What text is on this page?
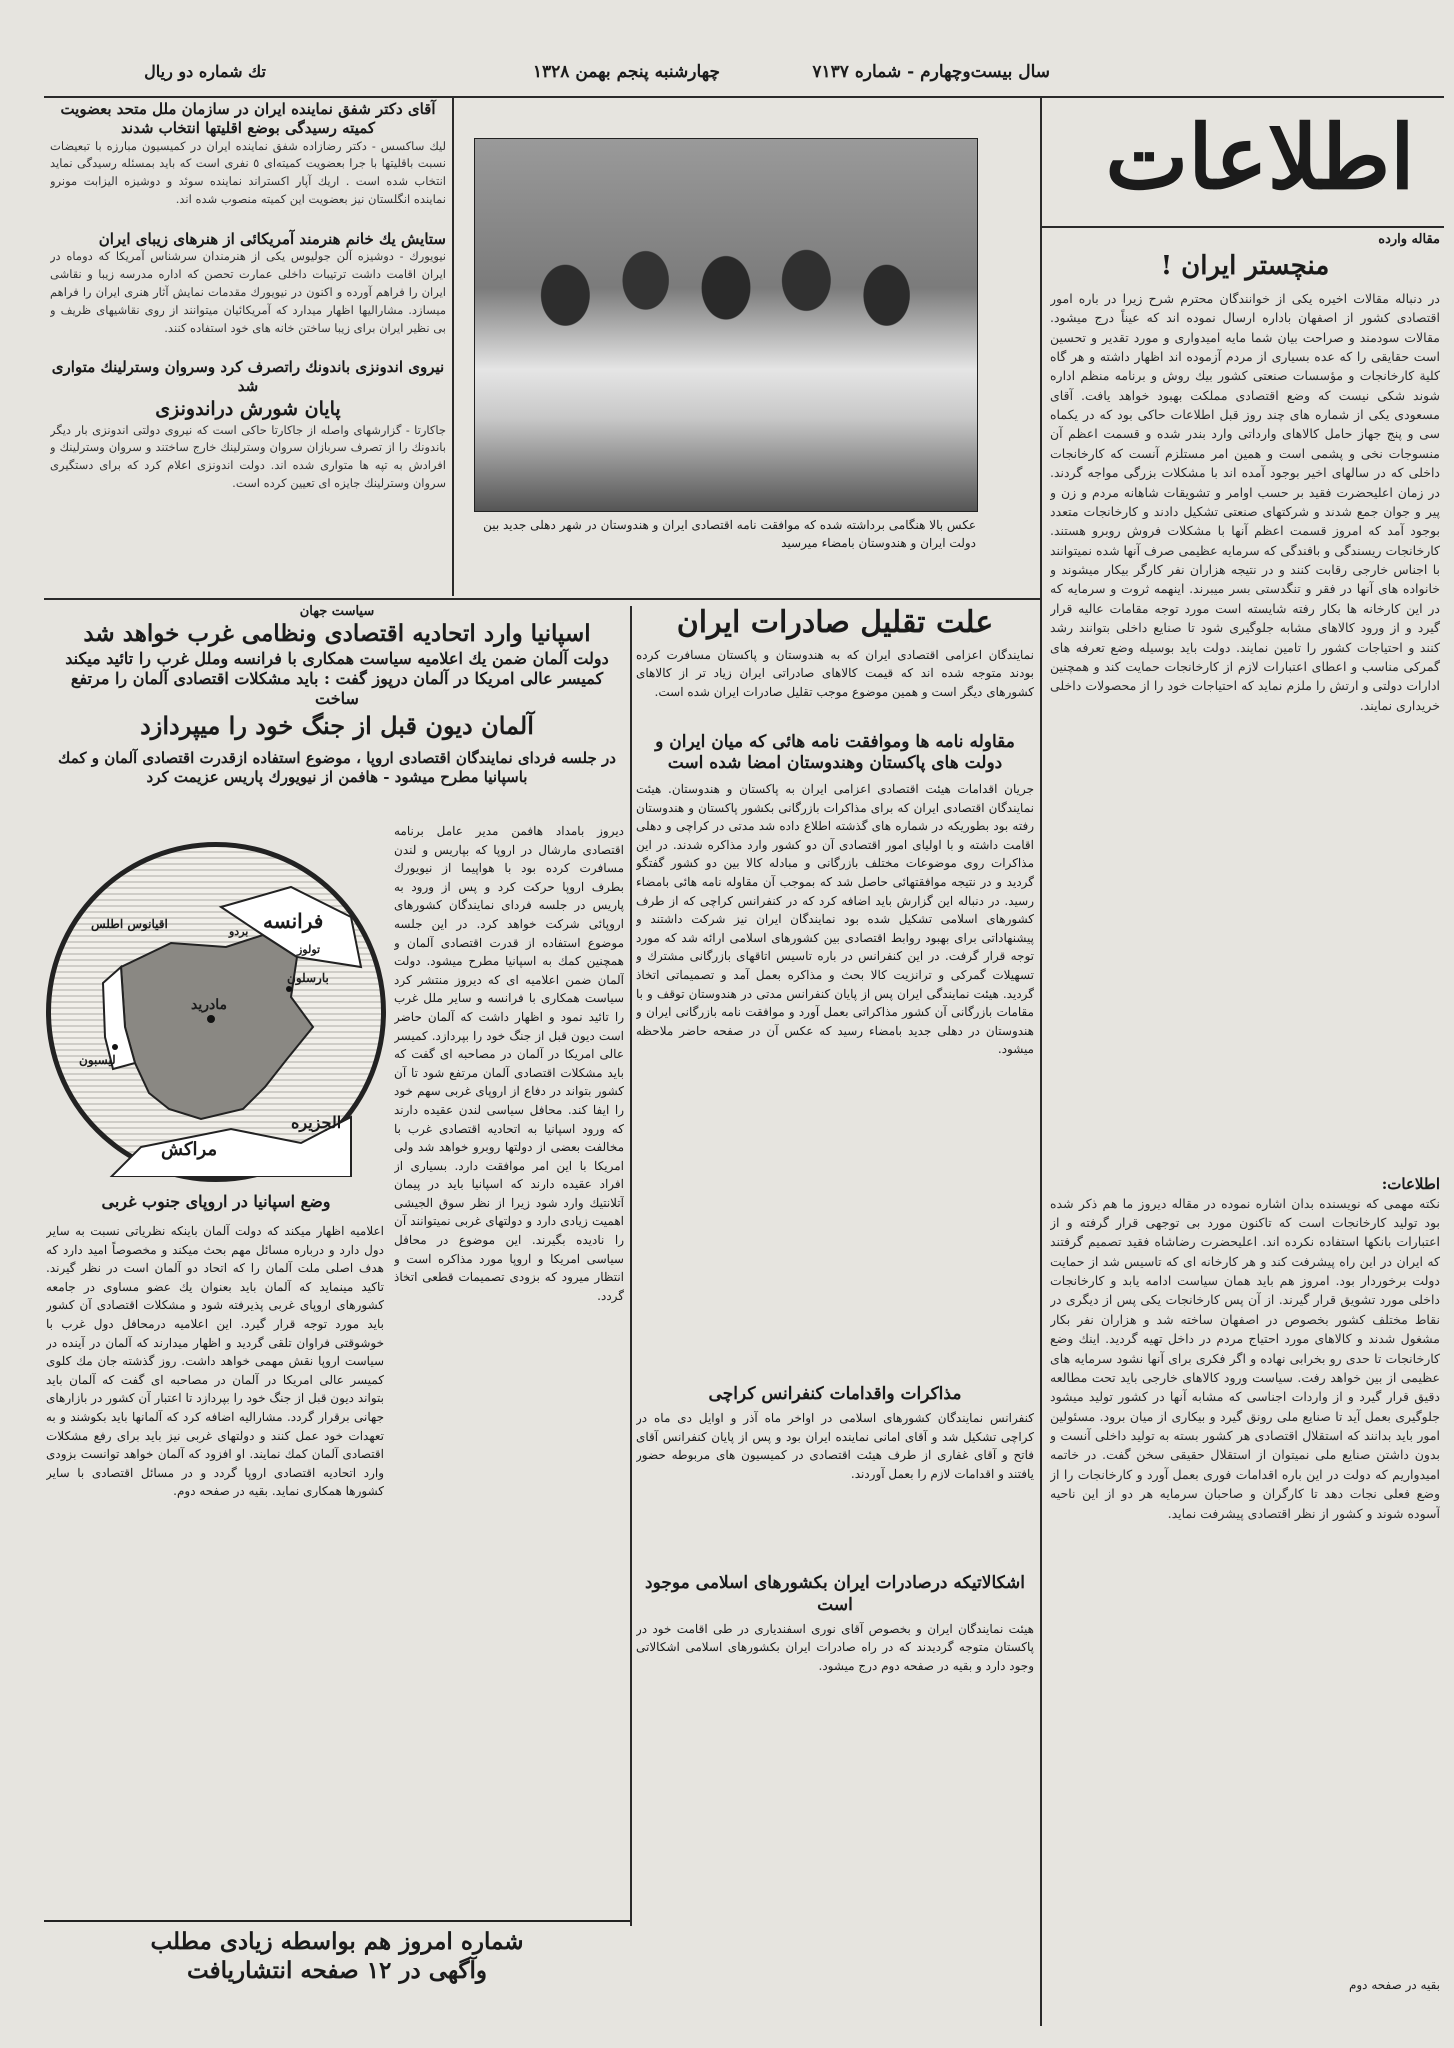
تك شماره دو ريال	چهارشنبه پنجم بهمن ۱۳۲۸	سال بيست‌وچهارم - شماره ۷۱۳۷
اطلاعات
آقاى دكتر شفق نماينده ايران در سازمان ملل متحد بعضويت كميته رسيدگى بوضع اقليتها انتخاب شدند

ليك ساكسس - دكتر رضازاده شفق نماينده ايران در كميسيون مبارزه با تبعيضات نسبت باقليتها با جرا بعضويت كميته‌اى ٥ نفرى است كه بايد بمسئله رسيدگى نمايد انتخاب شده است . اريك آپار اكستراند نماينده سوئد و دوشيزه اليزابت مونرو نماينده انگلستان نيز بعضويت اين كميته منصوب شده اند.

ستايش يك خانم هنرمند آمريكائى از هنرهاى زيباى ايران

نيويورك - دوشيزه آلن جوليوس يكى از هنرمندان سرشناس آمريكا كه دوماه در ايران اقامت داشت ترتيبات داخلى عمارت تحصن كه اداره مدرسه زيبا و نقاشى ايران را فراهم آورده و اكنون در نيويورك مقدمات نمايش آثار هنرى ايران را فراهم ميسازد. مشاراليها اظهار ميدارد كه آمريكائيان ميتوانند از روى نقاشيهاى ظريف و بى نظير ايران براى زيبا ساختن خانه هاى خود استفاده كنند.

نيروى اندونزى باندونك راتصرف كرد وسروان وسترلينك متوارى شد
پايان شورش دراندونزى

جاكارتا - گزارشهاى واصله از جاكارتا حاكى است كه نيروى دولتى اندونزى بار ديگر باندونك را از تصرف سربازان سروان وسترلينك خارج ساختند و سروان وسترلينك و افرادش به تپه ها متوارى شده اند. دولت اندونزى اعلام كرد كه براى دستگيرى سروان وسترلينك جايزه اى تعيين كرده است.

عكس بالا هنگامى برداشته شده كه موافقت نامه اقتصادى ايران و هندوستان در شهر دهلى جديد بين دولت ايران و هندوستان بامضاء ميرسيد
مقاله وارده
منچستر ايران !

در دنباله مقالات اخيره يكى از خوانندگان محترم شرح زيرا در باره امور اقتصادى كشور از اصفهان باداره ارسال نموده اند كه عيناً درج ميشود. مقالات سودمند و صراحت بيان شما مايه اميدوارى و مورد تقدير و تحسين است حقايقى را كه عده بسيارى از مردم آزموده اند اظهار داشته و هر گاه كلية كارخانجات و مؤسسات صنعتى كشور بيك روش و برنامه منظم اداره شوند شكى نيست كه وضع اقتصادى مملكت بهبود خواهد يافت. آقاى مسعودى يكى از شماره هاى چند روز قبل اطلاعات حاكى بود كه در يكماه سى و پنج جهاز حامل كالاهاى وارداتى وارد بندر شده و قسمت اعظم آن منسوجات نخى و پشمى است و همين امر مستلزم آنست كه كارخانجات داخلى كه در سالهاى اخير بوجود آمده اند با مشكلات بزرگى مواجه گردند. در زمان اعليحضرت فقيد بر حسب اوامر و تشويقات شاهانه مردم و زن و پير و جوان جمع شدند و شركتهاى صنعتى تشكيل دادند و كارخانجات متعدد بوجود آمد كه امروز قسمت اعظم آنها با مشكلات فروش روبرو هستند. كارخانجات ريسندگى و بافندگى كه سرمايه عظيمى صرف آنها شده نميتوانند با اجناس خارجى رقابت كنند و در نتيجه هزاران نفر كارگر بيكار ميشوند و خانواده هاى آنها در فقر و تنگدستى بسر ميبرند. اينهمه ثروت و سرمايه كه در اين كارخانه ها بكار رفته شايسته است مورد توجه مقامات عاليه قرار گيرد و از ورود كالاهاى مشابه جلوگيرى شود تا صنايع داخلى بتوانند رشد كنند و احتياجات كشور را تامين نمايند. دولت بايد بوسيله وضع تعرفه هاى گمركى مناسب و اعطاى اعتبارات لازم از كارخانجات حمايت كند و همچنين ادارات دولتى و ارتش را ملزم نمايد كه احتياجات خود را از محصولات داخلى خريدارى نمايند.

اطلاعات:

نكته مهمى كه نويسنده بدان اشاره نموده در مقاله ديروز ما هم ذكر شده بود توليد كارخانجات است كه تاكنون مورد بى توجهى قرار گرفته و از اعتبارات بانكها استفاده نكرده اند. اعليحضرت رضاشاه فقيد تصميم گرفتند كه ايران در اين راه پيشرفت كند و هر كارخانه اى كه تاسيس شد از حمايت دولت برخوردار بود. امروز هم بايد همان سياست ادامه يابد و كارخانجات داخلى مورد تشويق قرار گيرند. از آن پس كارخانجات يكى پس از ديگرى در نقاط مختلف كشور بخصوص در اصفهان ساخته شد و هزاران نفر بكار مشغول شدند و كالاهاى مورد احتياج مردم در داخل تهيه گرديد. اينك وضع كارخانجات تا حدى رو بخرابى نهاده و اگر فكرى براى آنها نشود سرمايه هاى عظيمى از بين خواهد رفت. سياست ورود كالاهاى خارجى بايد تحت مطالعه دقيق قرار گيرد و از واردات اجناسى كه مشابه آنها در كشور توليد ميشود جلوگيرى بعمل آيد تا صنايع ملى رونق گيرد و بيكارى از ميان برود. مسئولين امور بايد بدانند كه استقلال اقتصادى هر كشور بسته به توليد داخلى آنست و بدون داشتن صنايع ملى نميتوان از استقلال حقيقى سخن گفت. در خاتمه اميدواريم كه دولت در اين باره اقدامات فورى بعمل آورد و كارخانجات را از وضع فعلى نجات دهد تا كارگران و صاحبان سرمايه هر دو از اين ناحيه آسوده شوند و كشور از نظر اقتصادى پيشرفت نمايد.

بقيه در صفحه دوم
علت تقليل صادرات ايران

نمايندگان اعزامى اقتصادى ايران كه به هندوستان و پاكستان مسافرت كرده بودند متوجه شده اند كه قيمت كالاهاى صادراتى ايران زياد تر از كالاهاى كشورهاى ديگر است و همين موضوع موجب تقليل صادرات ايران شده است.

مقاوله نامه ها وموافقت نامه هائى كه ميان ايران و دولت هاى پاكستان وهندوستان امضا شده است

جريان اقدامات هيئت اقتصادى اعزامى ايران به پاكستان و هندوستان. هيئت نمايندگان اقتصادى ايران كه براى مذاكرات بازرگانى بكشور پاكستان و هندوستان رفته بود بطوريكه در شماره هاى گذشته اطلاع داده شد مدتى در كراچى و دهلى اقامت داشته و با اولياى امور اقتصادى آن دو كشور وارد مذاكره شدند. در اين مذاكرات روى موضوعات مختلف بازرگانى و مبادله كالا بين دو كشور گفتگو گرديد و در نتيجه موافقتهائى حاصل شد كه بموجب آن مقاوله نامه هائى بامضاء رسيد. در دنباله اين گزارش بايد اضافه كرد كه در كنفرانس كراچى كه از طرف كشورهاى اسلامى تشكيل شده بود نمايندگان ايران نيز شركت داشتند و پيشنهاداتى براى بهبود روابط اقتصادى بين كشورهاى اسلامى ارائه شد كه مورد توجه قرار گرفت. در اين كنفرانس در باره تاسيس اتاقهاى بازرگانى مشترك و تسهيلات گمركى و ترانزيت كالا بحث و مذاكره بعمل آمد و تصميماتى اتخاذ گرديد. هيئت نمايندگى ايران پس از پايان كنفرانس مدتى در هندوستان توقف و با مقامات بازرگانى آن كشور مذاكراتى بعمل آورد و موافقت نامه بازرگانى ايران و هندوستان در دهلى جديد بامضاء رسيد كه عكس آن در صفحه حاضر ملاحظه ميشود.

مذاكرات واقدامات كنفرانس كراچى

كنفرانس نمايندگان كشورهاى اسلامى در اواخر ماه آذر و اوايل دى ماه در كراچى تشكيل شد و آقاى امانى نماينده ايران بود و پس از پايان كنفرانس آقاى فاتح و آقاى غفارى از طرف هيئت اقتصادى در كميسيون هاى مربوطه حضور يافتند و اقدامات لازم را بعمل آوردند.

اشكالاتيكه درصادرات ايران بكشورهاى اسلامى موجود است

هيئت نمايندگان ايران و بخصوص آقاى نورى اسفنديارى در طى اقامت خود در پاكستان متوجه گرديدند كه در راه صادرات ايران بكشورهاى اسلامى اشكالاتى وجود دارد و بقيه در صفحه دوم درج ميشود.

سياست جهان
اسپانيا وارد اتحاديه اقتصادى ونظامى غرب خواهد شد
دولت آلمان ضمن يك اعلاميه سياست همكارى با فرانسه وملل غرب را تائيد ميكند
كميسر عالى امريكا در آلمان درپوز گفت : بايد مشكلات اقتصادى آلمان را مرتفع ساخت
آلمان ديون قبل از جنگ خود را ميپردازد
در جلسه فرداى نمايندگان اقتصادى اروپا ، موضوع استفاده ازقدرت اقتصادى آلمان و كمك باسپانيا مطرح ميشود - هافمن از نيويورك پاريس عزيمت كرد

ديروز بامداد هافمن مدير عامل برنامه اقتصادى مارشال در اروپا كه بپاريس و لندن مسافرت كرده بود با هواپيما از نيويورك بطرف اروپا حركت كرد و پس از ورود به پاريس در جلسه فرداى نمايندگان كشورهاى اروپائى شركت خواهد كرد. در اين جلسه موضوع استفاده از قدرت اقتصادى آلمان و همچنين كمك به اسپانيا مطرح ميشود. دولت آلمان ضمن اعلاميه اى كه ديروز منتشر كرد سياست همكارى با فرانسه و ساير ملل غرب را تائيد نمود و اظهار داشت كه آلمان حاضر است ديون قبل از جنگ خود را بپردازد. كميسر عالى امريكا در آلمان در مصاحبه اى گفت كه بايد مشكلات اقتصادى آلمان مرتفع شود تا آن كشور بتواند در دفاع از اروپاى غربى سهم خود را ايفا كند. محافل سياسى لندن عقيده دارند كه ورود اسپانيا به اتحاديه اقتصادى غرب با مخالفت بعضى از دولتها روبرو خواهد شد ولى امريكا با اين امر موافقت دارد. بسيارى از افراد عقيده دارند كه اسپانيا بايد در پيمان آتلانتيك وارد شود زيرا از نظر سوق الجيشى اهميت زيادى دارد و دولتهاى غربى نميتوانند آن را ناديده بگيرند. اين موضوع در محافل سياسى امريكا و اروپا مورد مذاكره است و انتظار ميرود كه بزودى تصميمات قطعى اتخاذ گردد.

فرانسه
اقيانوس اطلس
مادريد
بارسلون
ليسبون
مراكش
الجزيره
بردو
تولوز
وضع اسپانيا در اروپاى جنوب غربى

اعلاميه اظهار ميكند كه دولت آلمان باينكه نظرياتى نسبت به ساير دول دارد و درباره مسائل مهم بحث ميكند و مخصوصاً اميد دارد كه هدف اصلى ملت آلمان را كه اتحاد دو آلمان است در نظر گيرند. تاكيد مينمايد كه آلمان بايد بعنوان يك عضو مساوى در جامعه كشورهاى اروپاى غربى پذيرفته شود و مشكلات اقتصادى آن كشور بايد مورد توجه قرار گيرد. اين اعلاميه درمحافل دول غرب با خوشوقتى فراوان تلقى گرديد و اظهار ميدارند كه آلمان در آينده در سياست اروپا نقش مهمى خواهد داشت. روز گذشته جان مك كلوى كميسر عالى امريكا در آلمان در مصاحبه اى گفت كه آلمان بايد بتواند ديون قبل از جنگ خود را بپردازد تا اعتبار آن كشور در بازارهاى جهانى برقرار گردد. مشاراليه اضافه كرد كه آلمانها بايد بكوشند و به تعهدات خود عمل كنند و دولتهاى غربى نيز بايد براى رفع مشكلات اقتصادى آلمان كمك نمايند. او افزود كه آلمان خواهد توانست بزودى وارد اتحاديه اقتصادى اروپا گردد و در مسائل اقتصادى با ساير كشورها همكارى نمايد. بقيه در صفحه دوم.

شماره امروز هم بواسطه زيادى مطلب
وآگهى در ۱۲ صفحه انتشاريافت
